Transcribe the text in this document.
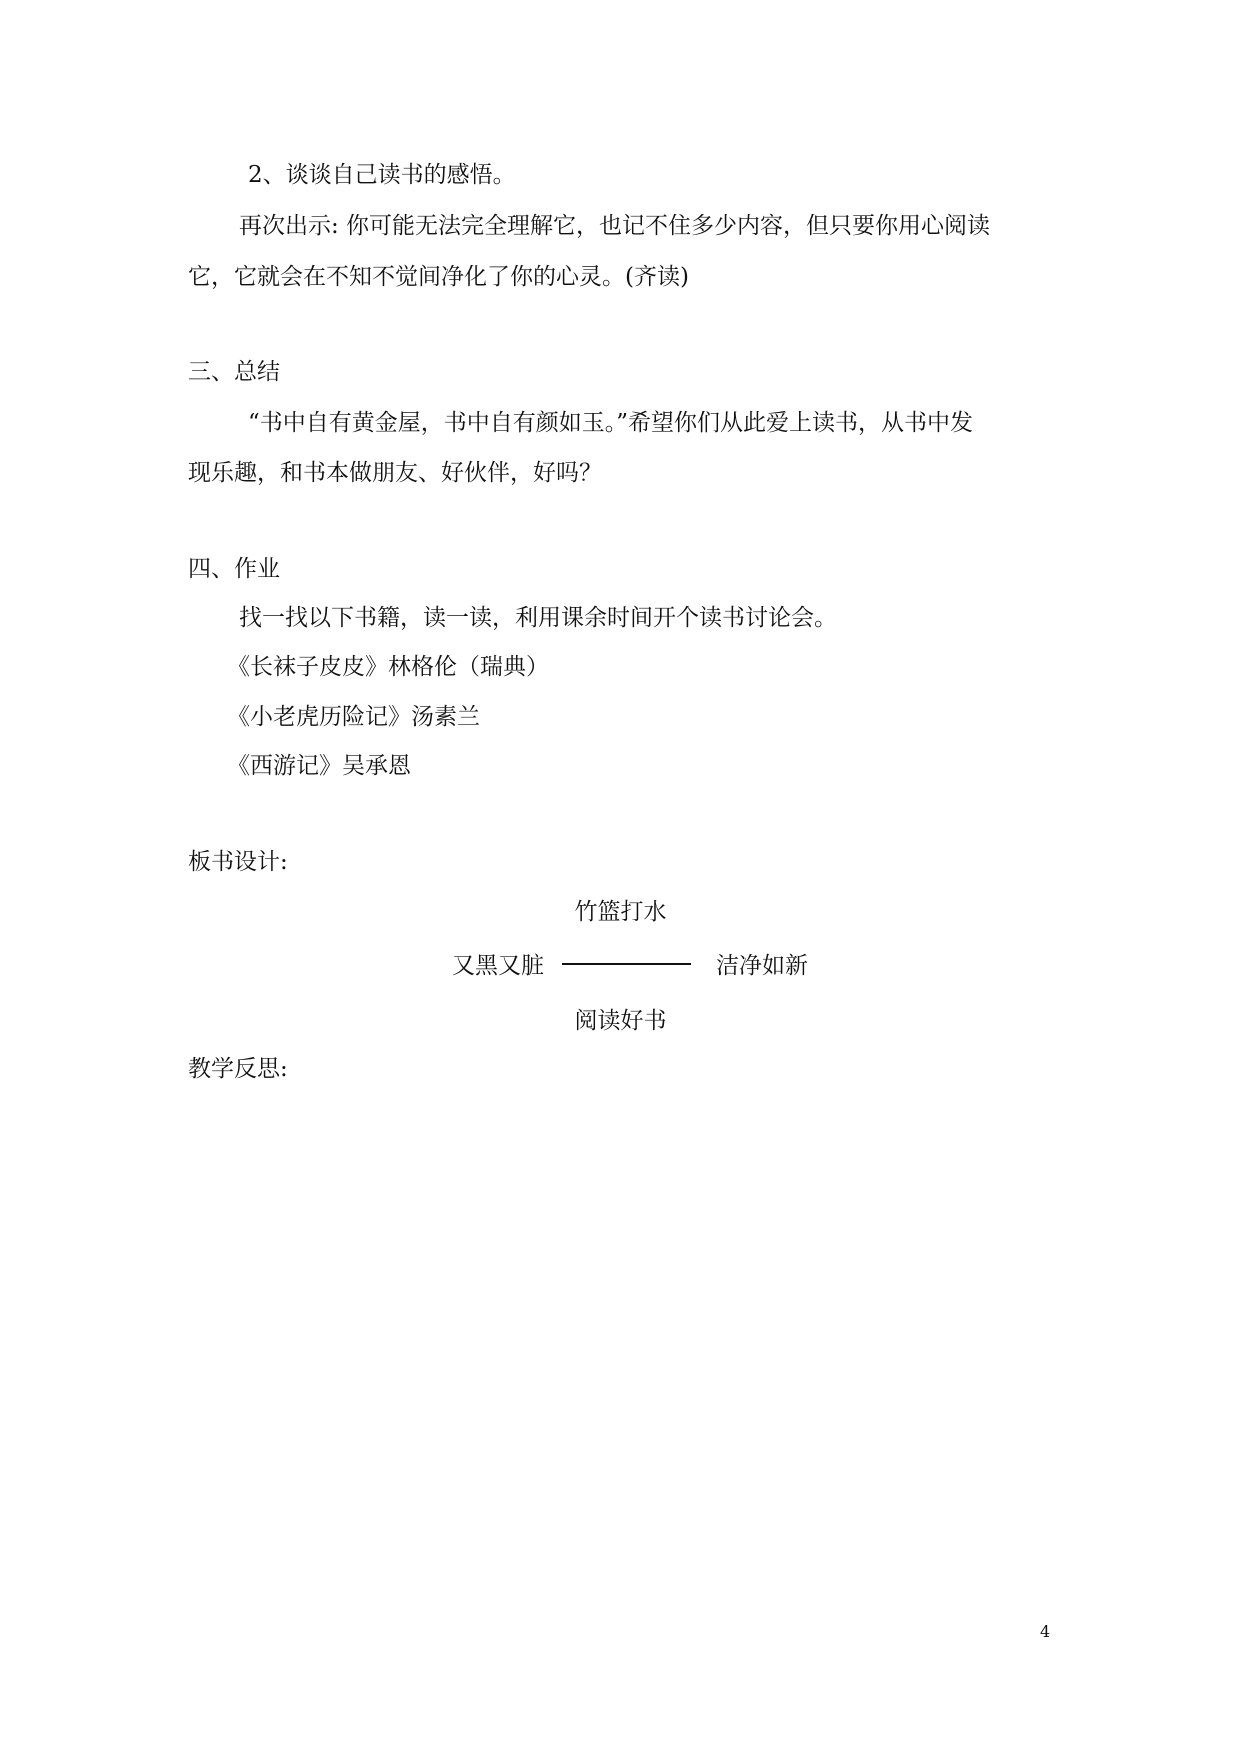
2、谈谈自己读书的感悟。
再次出示: 你可能无法完全理解它，也记不住多少内容，但只要你用心阅读
它，它就会在不知不觉间净化了你的心灵。(齐读)
三、总结
“书中自有黄金屋，书中自有颜如玉。”希望你们从此爱上读书，从书中发
现乐趣，和书本做朋友、好伙伴，好吗？
四、作业
找一找以下书籍，读一读，利用课余时间开个读书讨论会。
《长袜子皮皮》林格伦（瑞典）
《小老虎历险记》汤素兰
《西游记》吴承恩
板书设计:
竹篮打水
又黑又脏	洁净如新
阅读好书
教学反思:
4
